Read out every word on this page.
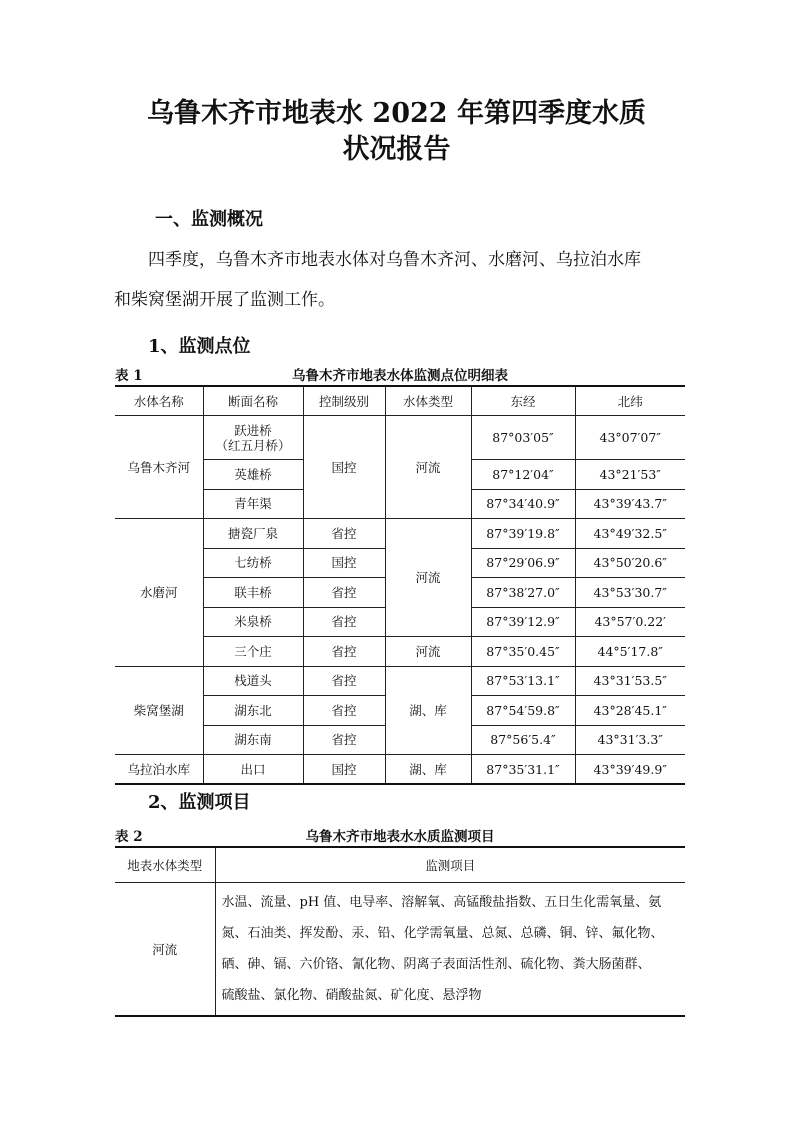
乌鲁木齐市地表水 2022 年第四季度水质
状况报告
一、监测概况
四季度，乌鲁木齐市地表水体对乌鲁木齐河、水磨河、乌拉泊水库
和柴窝堡湖开展了监测工作。
1、监测点位
表 1	乌鲁木齐市地表水体监测点位明细表
水体名称	断面名称	控制级别	水体类型	东经	北纬
乌鲁木齐河	跃进桥
（红五月桥）	国控	河流	87°03′05″	43°07′07″
	英雄桥			87°12′04″	43°21′53″
	青年渠			87°34′40.9″	43°39′43.7″
水磨河	搪瓷厂泉	省控	河流	87°39′19.8″	43°49′32.5″
	七纺桥	国控		87°29′06.9″	43°50′20.6″
	联丰桥	省控		87°38′27.0″	43°53′30.7″
	米泉桥	省控		87°39′12.9″	43°57′0.22′
	三个庄	省控	河流	87°35′0.45″	44°5′17.8″
柴窝堡湖	栈道头	省控	湖、库	87°53′13.1″	43°31′53.5″
	湖东北	省控		87°54′59.8″	43°28′45.1″
	湖东南	省控		87°56′5.4″	43°31′3.3″
乌拉泊水库	出口	国控	湖、库	87°35′31.1″	43°39′49.9″
2、监测项目
表 2	乌鲁木齐市地表水水质监测项目
地表水体类型	监测项目
河流	水温、流量、pH 值、电导率、溶解氧、高锰酸盐指数、五日生化需氧量、氨
氮、石油类、挥发酚、汞、铅、化学需氧量、总氮、总磷、铜、锌、氟化物、
硒、砷、镉、六价铬、氰化物、阴离子表面活性剂、硫化物、粪大肠菌群、
硫酸盐、氯化物、硝酸盐氮、矿化度、悬浮物
